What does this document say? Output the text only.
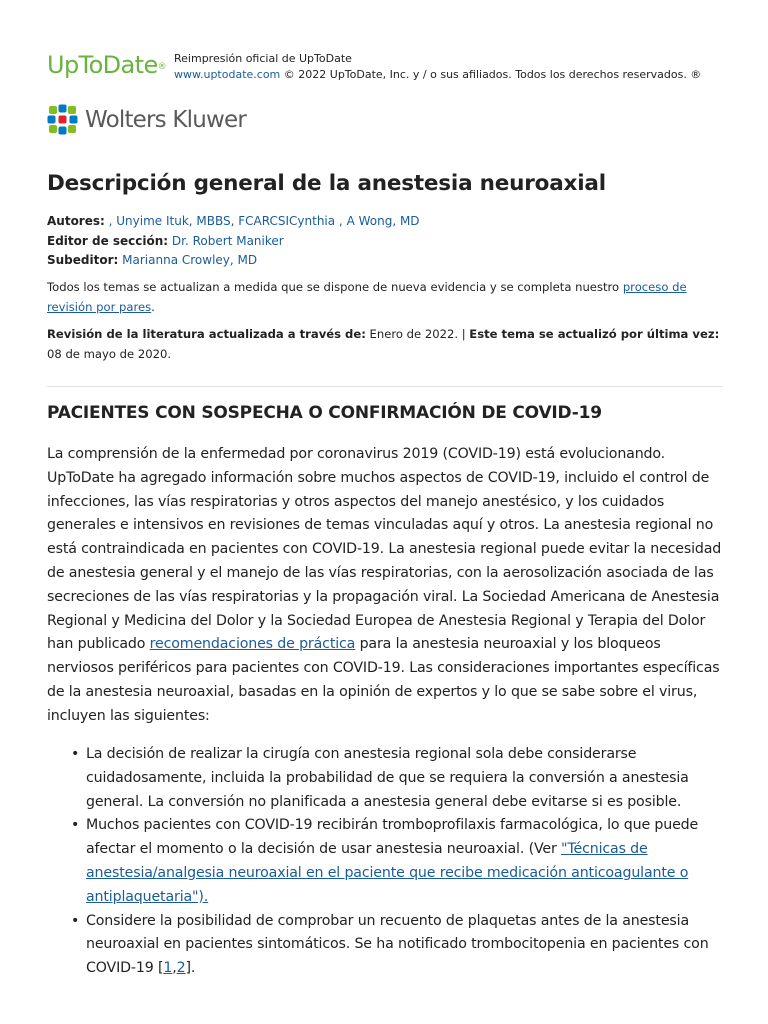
UpToDate®
Reimpresión oficial de UpToDate
www.uptodate.com © 2022 UpToDate, Inc. y / o sus afiliados. Todos los derechos reservados. ®
Wolters Kluwer
Descripción general de la anestesia neuroaxial
Autores: , Unyime Ituk, MBBS, FCARCSICynthia , A Wong, MD
Editor de sección: Dr. Robert Maniker
Subeditor: Marianna Crowley, MD
Todos los temas se actualizan a medida que se dispone de nueva evidencia y se completa nuestro proceso de revisión por pares.
Revisión de la literatura actualizada a través de: Enero de 2022. | Este tema se actualizó por última vez: 08 de mayo de 2020.
PACIENTES CON SOSPECHA O CONFIRMACIÓN DE COVID-19

La comprensión de la enfermedad por coronavirus 2019 (COVID-19) está evolucionando. UpToDate ha agregado información sobre muchos aspectos de COVID-19, incluido el control de infecciones, las vías respiratorias y otros aspectos del manejo anestésico, y los cuidados generales e intensivos en revisiones de temas vinculadas aquí y otros. La anestesia regional no está contraindicada en pacientes con COVID-19. La anestesia regional puede evitar la necesidad de anestesia general y el manejo de las vías respiratorias, con la aerosolización asociada de las secreciones de las vías respiratorias y la propagación viral. La Sociedad Americana de Anestesia Regional y Medicina del Dolor y la Sociedad Europea de Anestesia Regional y Terapia del Dolor han publicado recomendaciones de práctica para la anestesia neuroaxial y los bloqueos nerviosos periféricos para pacientes con COVID-19. Las consideraciones importantes específicas de la anestesia neuroaxial, basadas en la opinión de expertos y lo que se sabe sobre el virus, incluyen las siguientes:

• La decisión de realizar la cirugía con anestesia regional sola debe considerarse cuidadosamente, incluida la probabilidad de que se requiera la conversión a anestesia general. La conversión no planificada a anestesia general debe evitarse si es posible.
• Muchos pacientes con COVID-19 recibirán tromboprofilaxis farmacológica, lo que puede afectar el momento o la decisión de usar anestesia neuroaxial. (Ver "Técnicas de anestesia/analgesia neuroaxial en el paciente que recibe medicación anticoagulante o antiplaquetaria").
• Considere la posibilidad de comprobar un recuento de plaquetas antes de la anestesia neuroaxial en pacientes sintomáticos. Se ha notificado trombocitopenia en pacientes con COVID-19 [1,2].
